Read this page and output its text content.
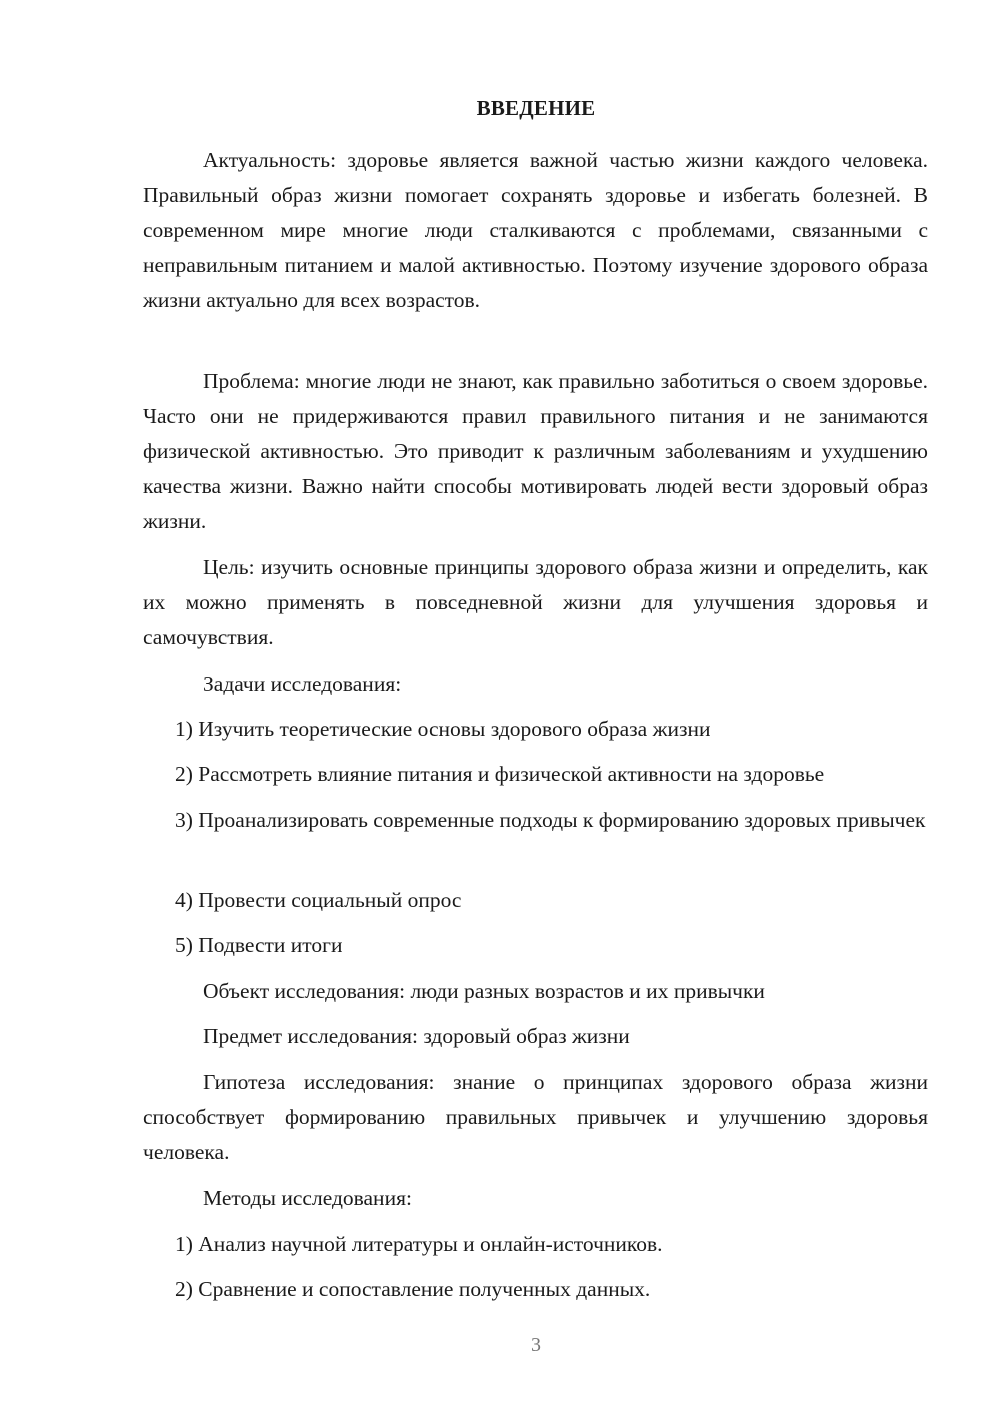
ВВЕДЕНИЕ

Актуальность: здоровье является важной частью жизни каждого человека. Правильный образ жизни помогает сохранять здоровье и избегать болезней. В современном мире многие люди сталкиваются с проблемами, связанными с неправильным питанием и малой активностью. Поэтому изучение здорового образа жизни актуально для всех возрастов.

Проблема: многие люди не знают, как правильно заботиться о своем здоровье. Часто они не придерживаются правил правильного питания и не занимаются физической активностью. Это приводит к различным заболеваниям и ухудшению качества жизни. Важно найти способы мотивировать людей вести здоровый образ жизни.

Цель: изучить основные принципы здорового образа жизни и определить, как их можно применять в повседневной жизни для улучшения здоровья и самочувствия.

Задачи исследования:

1) Изучить теоретические основы здорового образа жизни

2) Рассмотреть влияние питания и физической активности на здоровье

3) Проанализировать современные подходы к формированию здоровых привычек

4) Провести социальный опрос

5) Подвести итоги

Объект исследования: люди разных возрастов и их привычки

Предмет исследования: здоровый образ жизни

Гипотеза исследования: знание о принципах здорового образа жизни способствует формированию правильных привычек и улучшению здоровья человека.

Методы исследования:

1) Анализ научной литературы и онлайн-источников.

2) Сравнение и сопоставление полученных данных.

3
